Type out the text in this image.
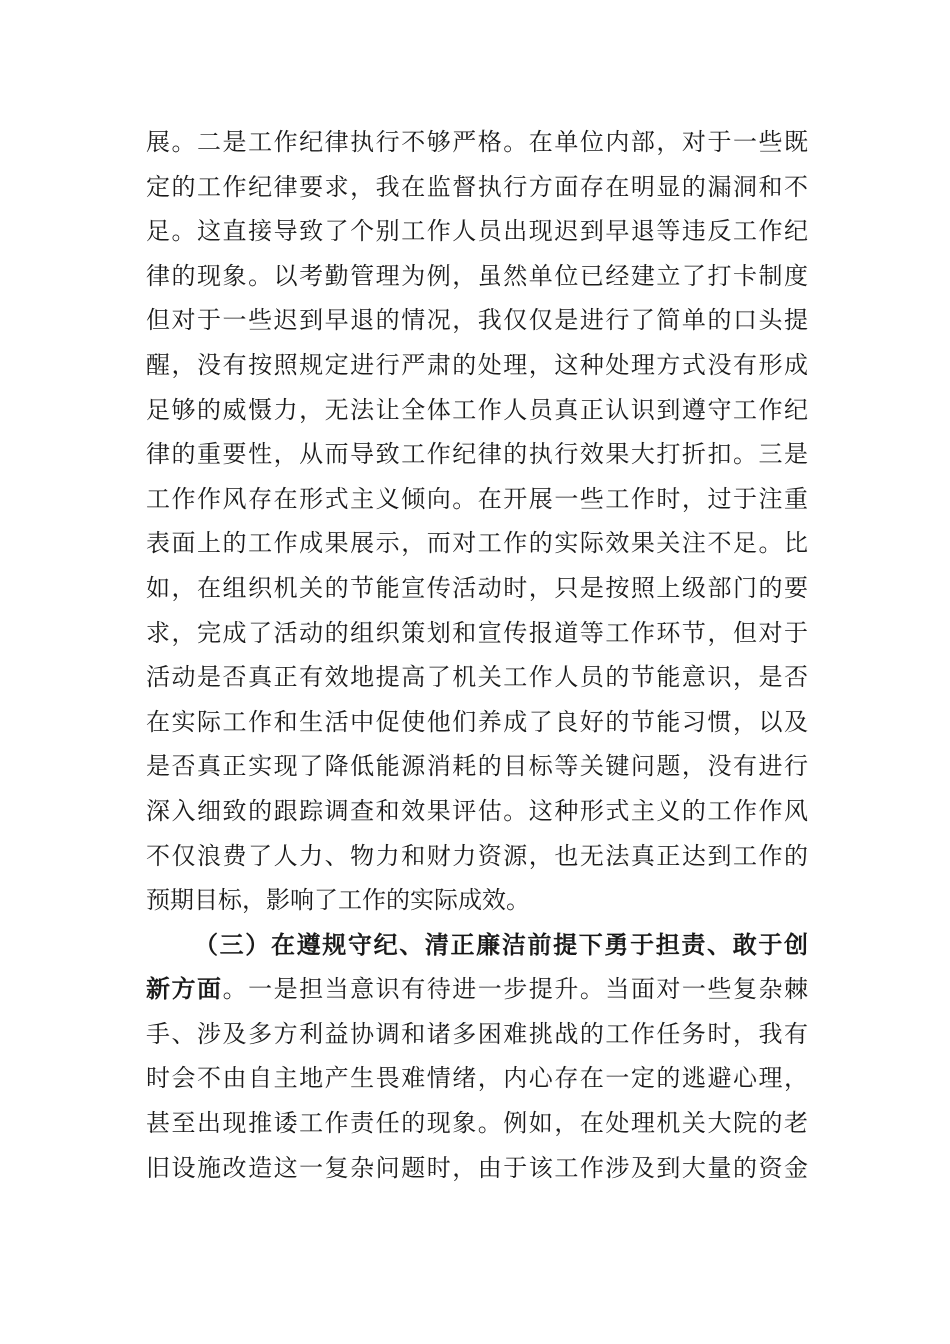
展。二是工作纪律执行不够严格。在单位内部，对于一些既
定的工作纪律要求，我在监督执行方面存在明显的漏洞和不
足。这直接导致了个别工作人员出现迟到早退等违反工作纪
律的现象。以考勤管理为例，虽然单位已经建立了打卡制度
但对于一些迟到早退的情况，我仅仅是进行了简单的口头提
醒，没有按照规定进行严肃的处理，这种处理方式没有形成
足够的威慑力，无法让全体工作人员真正认识到遵守工作纪
律的重要性，从而导致工作纪律的执行效果大打折扣。三是
工作作风存在形式主义倾向。在开展一些工作时，过于注重
表面上的工作成果展示，而对工作的实际效果关注不足。比
如，在组织机关的节能宣传活动时，只是按照上级部门的要
求，完成了活动的组织策划和宣传报道等工作环节，但对于
活动是否真正有效地提高了机关工作人员的节能意识，是否
在实际工作和生活中促使他们养成了良好的节能习惯，以及
是否真正实现了降低能源消耗的目标等关键问题，没有进行
深入细致的跟踪调查和效果评估。这种形式主义的工作作风
不仅浪费了人力、物力和财力资源，也无法真正达到工作的
预期目标，影响了工作的实际成效。
（三）在遵规守纪、清正廉洁前提下勇于担责、敢于创
新方面。一是担当意识有待进一步提升。当面对一些复杂棘
手、涉及多方利益协调和诸多困难挑战的工作任务时，我有
时会不由自主地产生畏难情绪，内心存在一定的逃避心理，
甚至出现推诿工作责任的现象。例如，在处理机关大院的老
旧设施改造这一复杂问题时，由于该工作涉及到大量的资金
